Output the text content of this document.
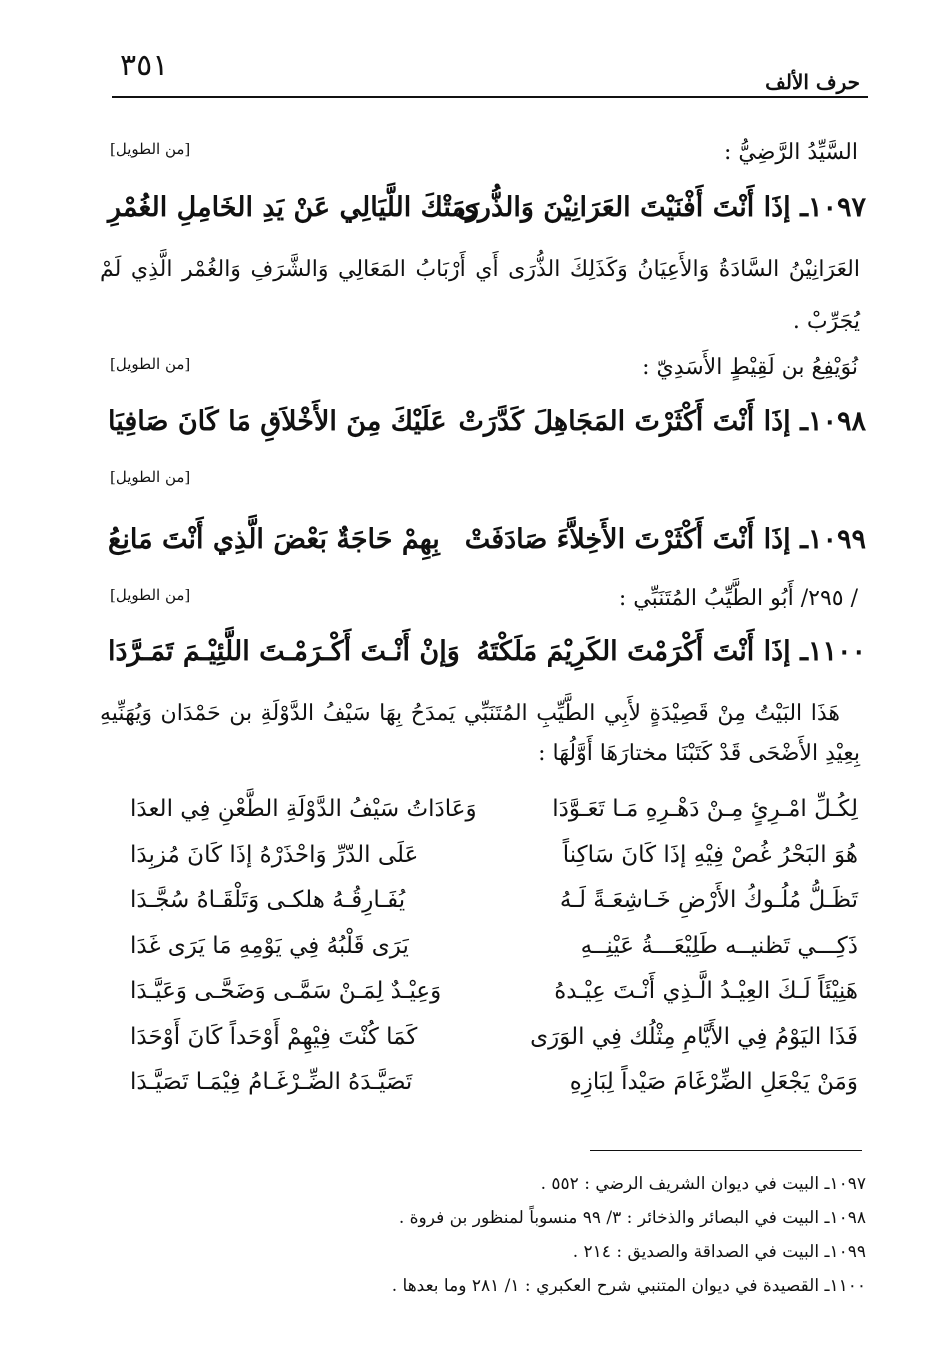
٣٥١	حرف الألف
السَّيِّدُ الرَّضِيُّ :
[من الطويل]
١٠٩٧ـ إذَا أَنْتَ أَفْنَيْتَ العَرَانِيْنَ وَالذُّرى
رَمَتْكَ اللَّيَالِي عَنْ يَدِ الخَامِلِ الغُمْرِ
العَرَانِيْنُ السَّادَةُ وَالأَعِيَانُ وَكَذَلِكَ الذُّرَى أَي أَرْبَابُ المَعَالِي وَالشَّرَفِ وَالغُمْر الَّذِي لَمْ يُجَرِّبْ .
نُوَيْفِعُ بن لَقِيْطٍ الأَسَدِيّ :
[من الطويل]
١٠٩٨ـ إذَا أَنْتَ أَكْثَرْتَ المَجَاهِلَ كَدَّرَتْ
عَلَيْكَ مِنَ الأَخْلاَقِ مَا كَانَ صَافِيَا
[من الطويل]
١٠٩٩ـ إذَا أَنْتَ أَكْثَرْتَ الأَخِلاَّءَ صَادَفَتْ
بِهِمْ حَاجَةٌ بَعْضَ الَّذِي أَنْتَ مَانِعُ
/ ٢٩٥/ أَبُو الطَّيِّبُ المُتَنَبِّي :
[من الطويل]
١١٠٠ـ إذَا أَنْتَ أَكْرَمْتَ الكَرِيْمَ مَلَكْتَهُ
وَإنْ أَنْـتَ أَكْـرَمْـتَ اللَّئِيْـمَ تَمَـرَّدَا
هَذَا البَيْتُ مِنْ قَصِيْدَةٍ لأَبِي الطَّيِّبِ المُتَنَبِّي يَمدَحُ بِهَا سَيْفُ الدَّوْلَةِ بن حَمْدَان وَيُهَنِّيهِ بِعِيْدِ الأَضْحَى قَدْ كَتَبْنَا مختارَهَا أَوَّلُهَا :
لِكُـلِّ امْـرِئٍ مِـنْ دَهْـرِهِ مَـا تَعَـوَّدَا
وَعَادَاتُ سَيْفُ الدَّوْلَةِ الطَّعْنِ فِي العدَا
هُوَ البَحْرُ غُصْ فِيْهِ إذَا كَانَ سَاكِناً
عَلَى الدّرِّ وَاحْذَرْهُ إذَا كَانَ مُزبِدَا
تَظَـلُّ مُلُـوكُ الأَرْضِ خَـاشِعَـةً لَـهُ
يُفَـارِقُـهُ هلكـى وَتَلْقَـاهُ سُجَّـدَا
ذَكِـــي تَظنيــه طَلِيْعَـــةُ عَيْنِــهِ
يَرَى قَلْبُهُ فِي يَوْمِهِ مَا يَرَى غَدَا
هَنِيْئَاً لَـكَ العِيْـدُ الَّـذِي أَنْـتَ عِيْـدهُ
وَعِيْـدٌ لِمَـنْ سَمَّـى وَضَحَّـى وَعَيَّـدَا
فَذَا اليَوْمُ فِي الأَيَّامِ مِثْلُك فِي الوَرَى
كَمَا كُنْتَ فِيْهِمْ أَوْحَداً كَانَ أَوْحَدَا
وَمَنْ يَجْعَلِ الضِّرْغَامَ صَيْداً لِبَازِهِ
تَصَيَّـدَهُ الضِّـرْغَـامُ فِيْمَـا تَصَيَّـدَا
١٠٩٧ـ البيت في ديوان الشريف الرضي : ٥٥٢ .
١٠٩٨ـ البيت في البصائر والذخائر : ٣/ ٩٩ منسوباً لمنظور بن فروة .
١٠٩٩ـ البيت في الصداقة والصديق : ٢١٤ .
١١٠٠ـ القصيدة في ديوان المتنبي شرح العكبري : ١/ ٢٨١ وما بعدها .
